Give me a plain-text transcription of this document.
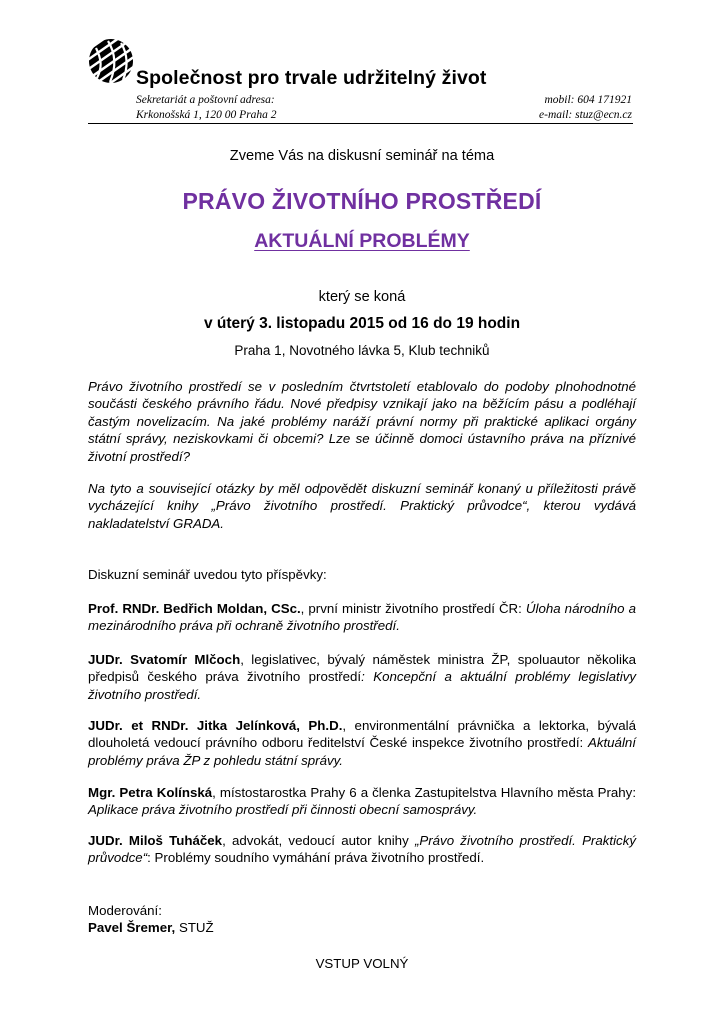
Společnost pro trvale udržitelný život
Sekretariát a poštovní adresa:
Krkonošská 1, 120 00 Praha 2
mobil: 604 171921
e-mail: stuz@ecn.cz
Zveme Vás na diskusní seminář na téma
PRÁVO ŽIVOTNÍHO PROSTŘEDÍ
AKTUÁLNÍ PROBLÉMY
který se koná
v úterý 3. listopadu 2015 od 16 do 19 hodin
Praha 1, Novotného lávka 5, Klub techniků

Právo životního prostředí se v posledním čtvrtstoletí etablovalo do podoby plnohodnotné součásti českého právního řádu. Nové předpisy vznikají jako na běžícím pásu a podléhají častým novelizacím. Na jaké problémy naráží právní normy při praktické aplikaci orgány státní správy, neziskovkami či obcemi? Lze se účinně domoci ústavního práva na příznivé životní prostředí?

Na tyto a související otázky by měl odpovědět diskuzní seminář konaný u příležitosti právě vycházející knihy „Právo životního prostředí. Praktický průvodce“, kterou vydává nakladatelství GRADA.

Diskuzní seminář uvedou tyto příspěvky:

Prof. RNDr. Bedřich Moldan, CSc., první ministr životního prostředí ČR: Úloha národního a mezinárodního práva při ochraně životního prostředí.

JUDr. Svatomír Mlčoch, legislativec, bývalý náměstek ministra ŽP, spoluautor několika předpisů českého práva životního prostředí: Koncepční a aktuální problémy legislativy životního prostředí.

JUDr. et RNDr. Jitka Jelínková, Ph.D., environmentální právnička a lektorka, bývalá dlouholetá vedoucí právního odboru ředitelství České inspekce životního prostředí: Aktuální problémy práva ŽP z pohledu státní správy.

Mgr. Petra Kolínská, místostarostka Prahy 6 a členka Zastupitelstva Hlavního města Prahy: Aplikace práva životního prostředí při činnosti obecní samosprávy.

JUDr. Miloš Tuháček, advokát, vedoucí autor knihy „Právo životního prostředí. Praktický průvodce“: Problémy soudního vymáhání práva životního prostředí.

Moderování:
Pavel Šremer, STUŽ

VSTUP VOLNÝ
